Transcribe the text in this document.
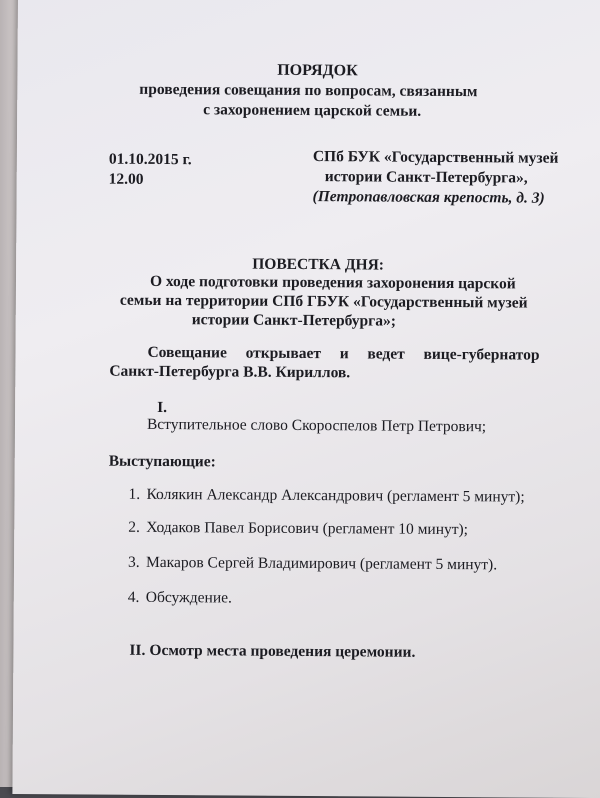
ПОРЯДОК
проведения совещания по вопросам, связанным
с захоронением царской семьи.
01.10.2015 г.
12.00
СПб БУК «Государственный музей
истории Санкт-Петербурга»,
(Петропавловская крепость, д. 3)
ПОВЕСТКА ДНЯ:
О ходе подготовки проведения захоронения царской
семьи на территории СПб ГБУК «Государственный музей
истории Санкт-Петербурга»;
Совещание открывает и ведет вице-губернатор
Санкт-Петербурга В.В. Кириллов.
I.
Вступительное слово Скороспелов Петр Петрович;
Выступающие:
1. Колякин Александр Александрович (регламент 5 минут);
2. Ходаков Павел Борисович (регламент 10 минут);
3. Макаров Сергей Владимирович (регламент 5 минут).
4. Обсуждение.
II. Осмотр места проведения церемонии.
